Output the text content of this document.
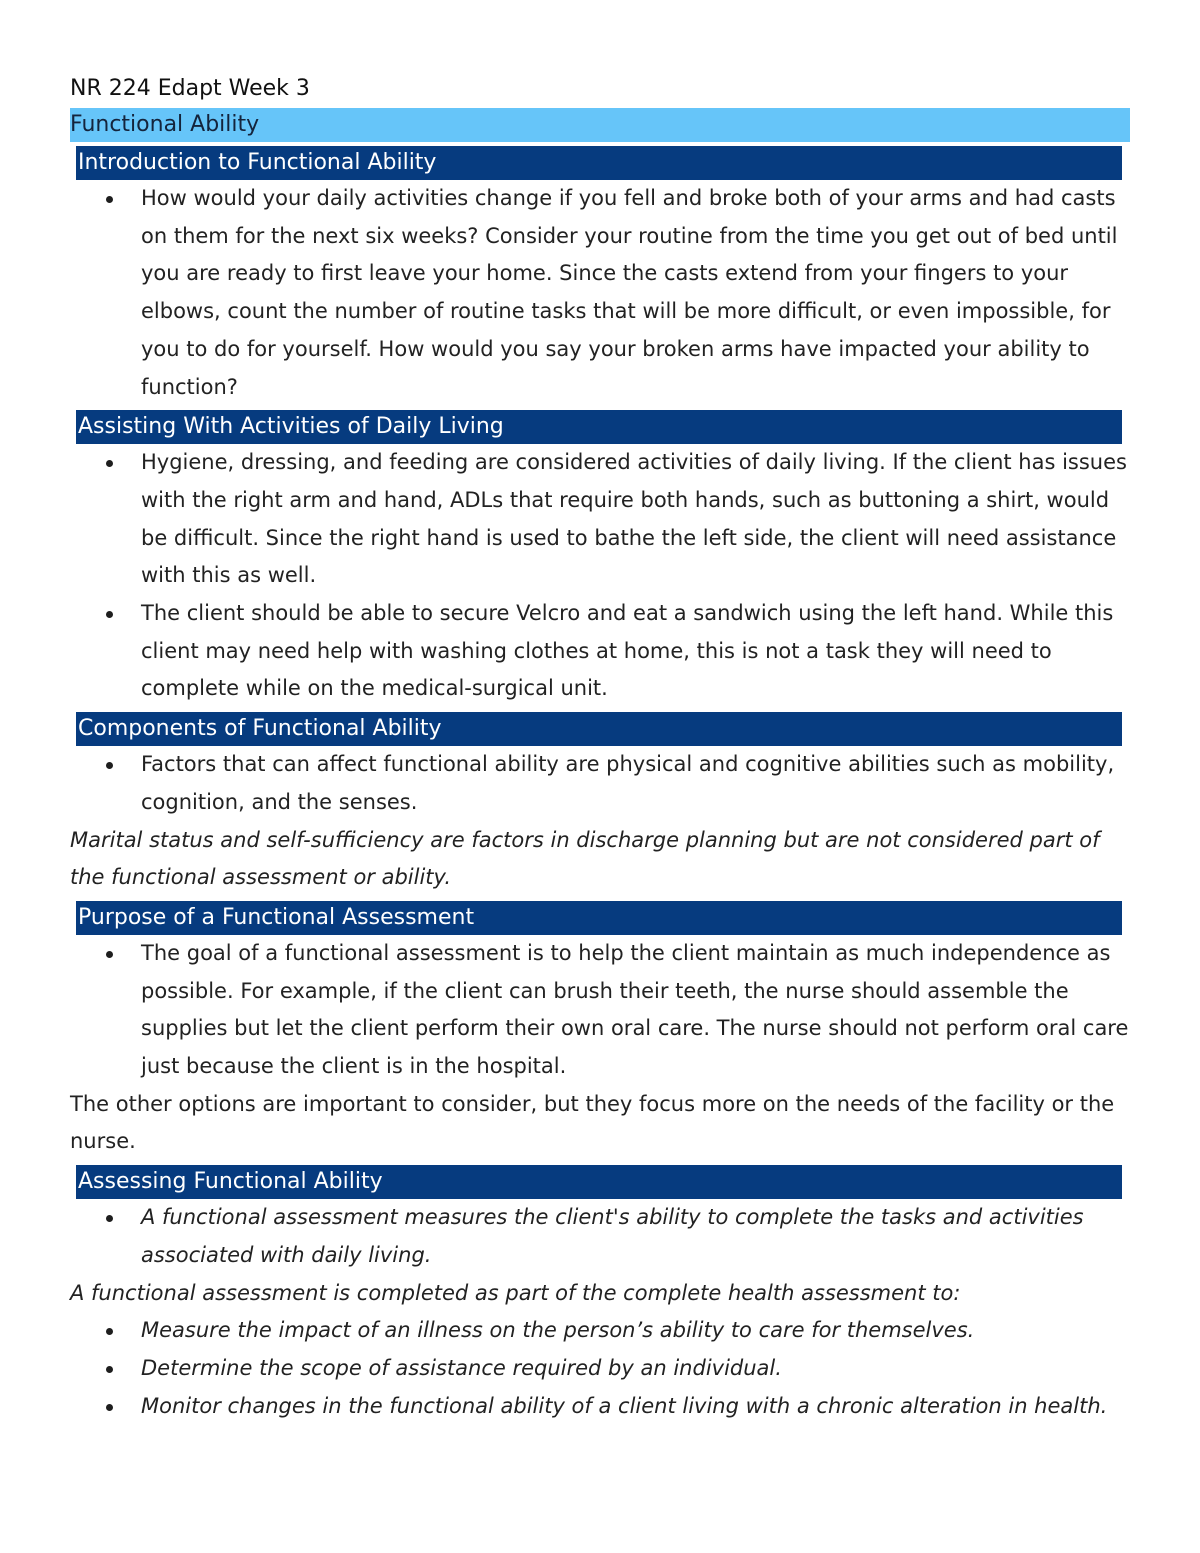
NR 224 Edapt Week 3
Functional Ability
Introduction to Functional Ability
How would your daily activities change if you fell and broke both of your arms and had casts on them for the next six weeks? Consider your routine from the time you get out of bed until you are ready to first leave your home. Since the casts extend from your fingers to your elbows, count the number of routine tasks that will be more difficult, or even impossible, for you to do for yourself. How would you say your broken arms have impacted your ability to function?
Assisting With Activities of Daily Living
Hygiene, dressing, and feeding are considered activities of daily living. If the client has issues with the right arm and hand, ADLs that require both hands, such as buttoning a shirt, would be difficult. Since the right hand is used to bathe the left side, the client will need assistance with this as well.
The client should be able to secure Velcro and eat a sandwich using the left hand. While this client may need help with washing clothes at home, this is not a task they will need to complete while on the medical-surgical unit.
Components of Functional Ability
Factors that can affect functional ability are physical and cognitive abilities such as mobility, cognition, and the senses.

Marital status and self-sufficiency are factors in discharge planning but are not considered part of the functional assessment or ability.

Purpose of a Functional Assessment
The goal of a functional assessment is to help the client maintain as much independence as possible. For example, if the client can brush their teeth, the nurse should assemble the supplies but let the client perform their own oral care. The nurse should not perform oral care just because the client is in the hospital.

The other options are important to consider, but they focus more on the needs of the facility or the nurse.

Assessing Functional Ability
A functional assessment measures the client's ability to complete the tasks and activities associated with daily living.

A functional assessment is completed as part of the complete health assessment to:

Measure the impact of an illness on the person’s ability to care for themselves.
Determine the scope of assistance required by an individual.
Monitor changes in the functional ability of a client living with a chronic alteration in health.
